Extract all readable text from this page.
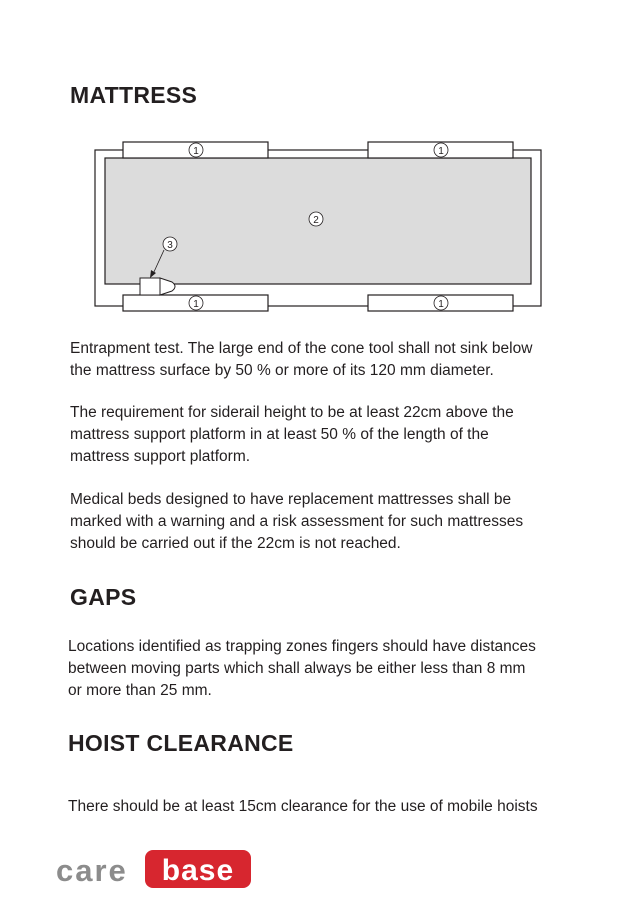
MATTRESS
1	1
2
3
1	1
Entrapment test. The large end of the cone tool shall not sink below
the mattress surface by 50 % or more of its 120 mm diameter.
The requirement for siderail height to be at least 22cm above the
mattress support platform in at least 50 % of the length of the
mattress support platform.
Medical beds designed to have replacement mattresses shall be
marked with a warning and a risk assessment for such mattresses
should be carried out if the 22cm is not reached.
GAPS
Locations identified as trapping zones fingers should have distances
between moving parts which shall always be either less than 8 mm
or more than 25 mm.
HOIST CLEARANCE
There should be at least 15cm clearance for the use of mobile hoists
care base
